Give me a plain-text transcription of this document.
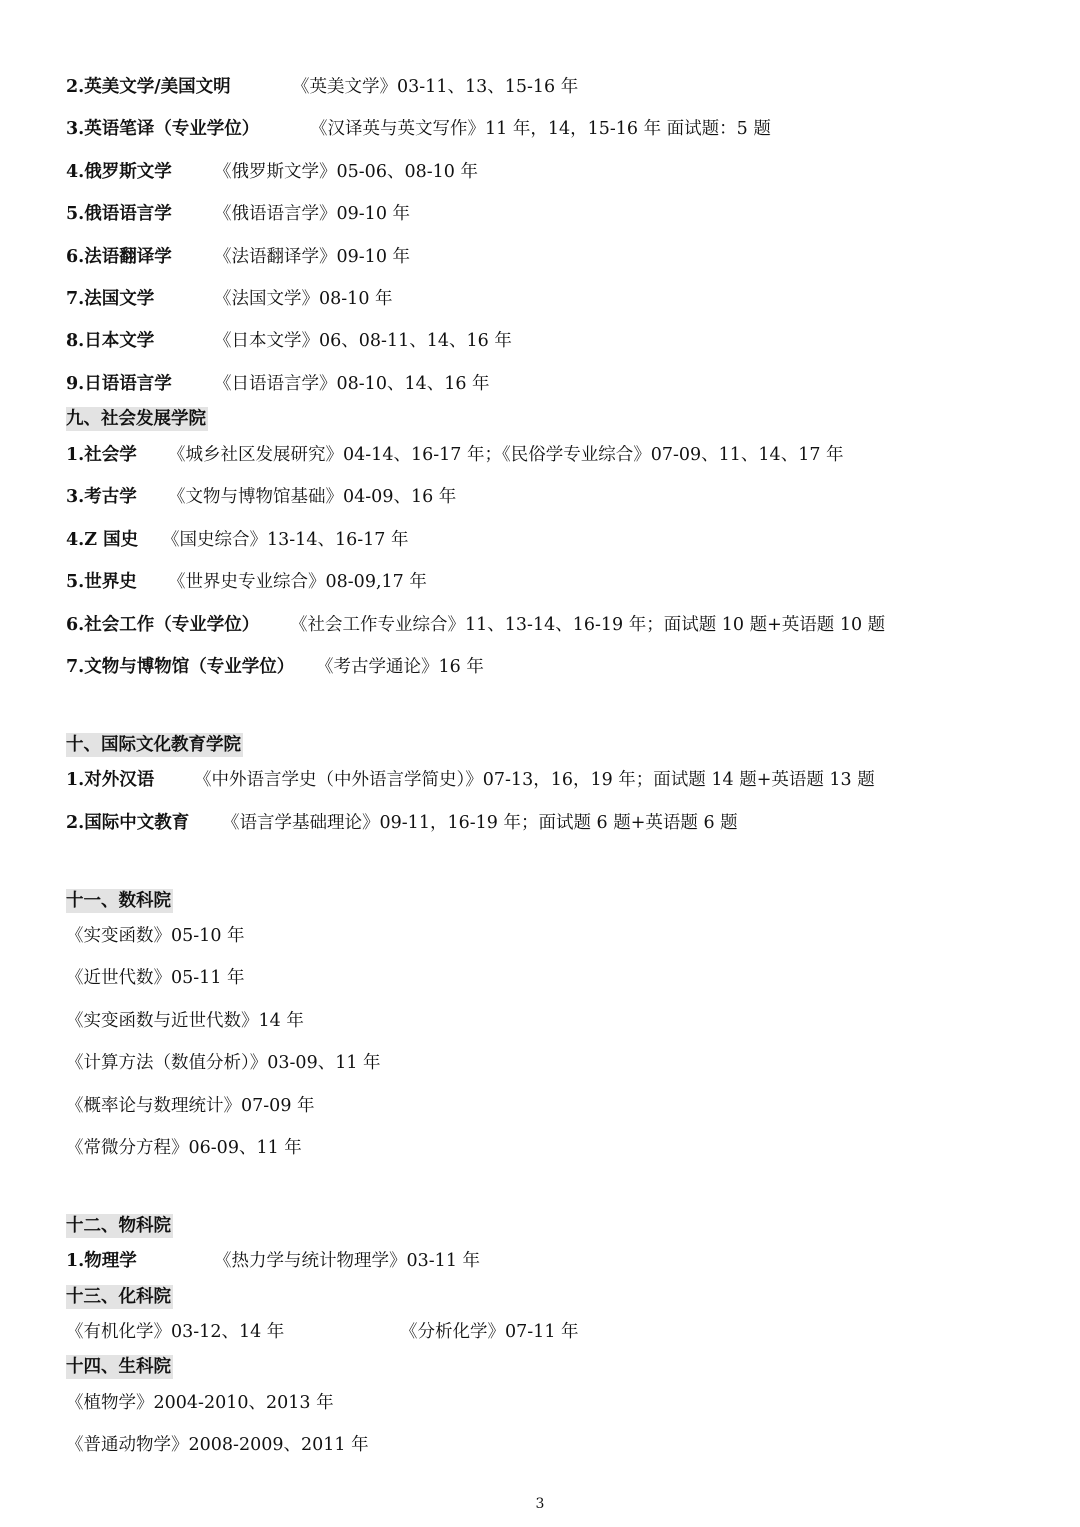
2.英美文学/美国文明	《英美文学》03-11、13、15-16 年
3.英语笔译（专业学位）	《汉译英与英文写作》11 年，14，15-16 年 面试题：5 题
4.俄罗斯文学 《俄罗斯文学》05-06、08-10 年
5.俄语语言学 《俄语语言学》09-10 年
6.法语翻译学 《法语翻译学》09-10 年
7.法国文学	《法国文学》08-10 年
8.日本文学	《日本文学》06、08-11、14、16 年
9.日语语言学 《日语语言学》08-10、14、16 年
九、社会发展学院
1.社会学 《城乡社区发展研究》04-14、16-17 年；《民俗学专业综合》07-09、11、14、17 年
3.考古学 《文物与博物馆基础》04-09、16 年
4.Z 国史 《国史综合》13-14、16-17 年
5.世界史 《世界史专业综合》08-09,17 年
6.社会工作（专业学位） 《社会工作专业综合》11、13-14、16-19 年；面试题 10 题+英语题 10 题
7.文物与博物馆（专业学位） 《考古学通论》16 年
十、国际文化教育学院
1.对外汉语 《中外语言学史（中外语言学简史）》07-13，16，19 年；面试题 14 题+英语题 13 题
2.国际中文教育 《语言学基础理论》09-11，16-19 年；面试题 6 题+英语题 6 题
十一、数科院
《实变函数》05-10 年
《近世代数》05-11 年
《实变函数与近世代数》14 年
《计算方法（数值分析）》03-09、11 年
《概率论与数理统计》07-09 年
《常微分方程》06-09、11 年
十二、物科院
1.物理学	《热力学与统计物理学》03-11 年
十三、化科院
《有机化学》03-12、14 年	《分析化学》07-11 年
十四、生科院
《植物学》2004-2010、2013 年
《普通动物学》2008-2009、2011 年
3
